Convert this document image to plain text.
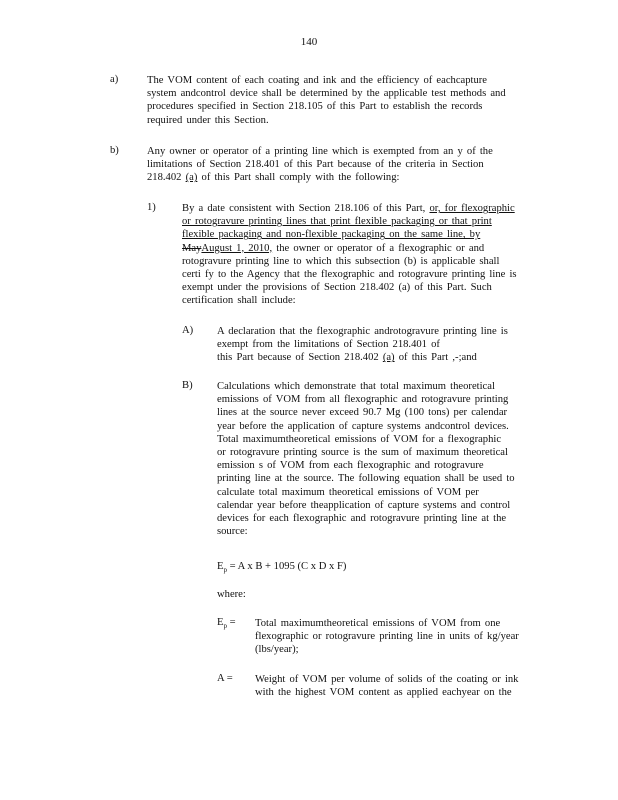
140
a)	The VOM content of each coating and ink and the efficiency of eachcapture
system andcontrol device shall be determined by the applicable test methods and
procedures specified in Section 218.105 of this Part to establish the records
required under this Section.
b)	Any owner or operator of a printing line which is exempted from an y of the
limitations of Section 218.401 of this Part because of the criteria in Section
218.402 (a) of this Part shall comply with the following:
1) By a date consistent with Section 218.106 of this Part, or, for flexographic
or rotogravure printing lines that print flexible packaging or that print
flexible packaging and non-flexible packaging on the same line, by
MayAugust 1, 2010, the owner or operator of a flexographic or and
rotogravure printing line to which this subsection (b) is applicable shall
certi fy to the Agency that the flexographic and rotogravure printing line is
exempt under the provisions of Section 218.402 (a) of this Part. Such
certification shall include:
A) A declaration that the flexographic androtogravure printing line is
exempt from the limitations of Section 218.401 of
this Part because of Section 218.402 (a) of this Part ,-;and
B) Calculations which demonstrate that total maximum theoretical
emissions of VOM from all flexographic and rotogravure printing
lines at the source never exceed 90.7 Mg (100 tons) per calendar
year before the application of capture systems andcontrol devices.
Total maximumtheoretical emissions of VOM for a flexographic
or rotogravure printing source is the sum of maximum theoretical
emission s of VOM from each flexographic and rotogravure
printing line at the source. The following equation shall be used to
calculate total maximum theoretical emissions of VOM per
calendar year before theapplication of capture systems and control
devices for each flexographic and rotogravure printing line at the
source:
$E_p = A$ x B + 1095 (C x D x F)
where:
$E_p$ = Total maximumtheoretical emissions of VOM from one
flexographic or rotogravure printing line in units of kg/year
(lbs/year);
A = Weight of VOM per volume of solids of the coating or ink
with the highest VOM content as applied eachyear on the
